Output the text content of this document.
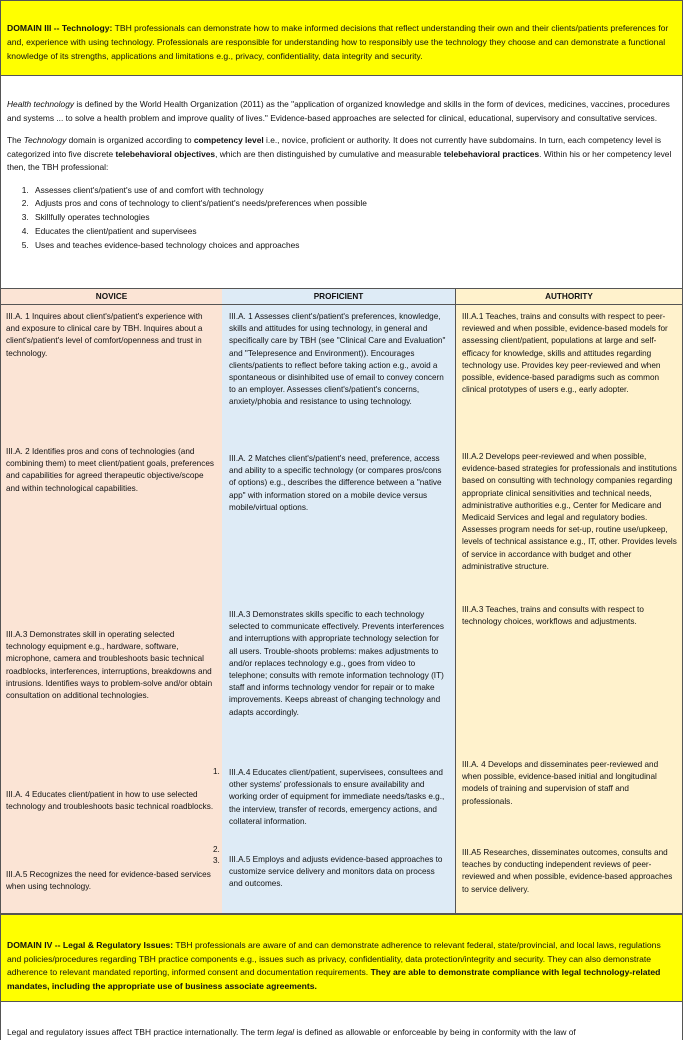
DOMAIN III -- Technology: TBH professionals can demonstrate how to make informed decisions that reflect understanding their own and their clients/patients preferences for and, experience with using technology. Professionals are responsible for understanding how to responsibly use the technology they choose and can demonstrate a functional knowledge of its strengths, applications and limitations e.g., privacy, confidentiality, data integrity and security.

Health technology is defined by the World Health Organization (2011) as the "application of organized knowledge and skills in the form of devices, medicines, vaccines, procedures and systems ... to solve a health problem and improve quality of lives." Evidence-based approaches are selected for clinical, educational, supervisory and consultative services.

The Technology domain is organized according to competency level i.e., novice, proficient or authority. It does not currently have subdomains. In turn, each competency level is categorized into five discrete telebehavioral objectives, which are then distinguished by cumulative and measurable telebehavioral practices. Within his or her competency level then, the TBH professional:

1. Assesses client's/patient's use of and comfort with technology
2. Adjusts pros and cons of technology to client's/patient's needs/preferences when possible
3. Skillfully operates technologies
4. Educates the client/patient and supervisees
5. Uses and teaches evidence-based technology choices and approaches
NOVICE
III.A. 1 Inquires about client's/patient's experience with and exposure to clinical care by TBH. Inquires about a client's/patient's level of comfort/openness and trust in technology.
III.A. 2 Identifies pros and cons of technologies (and combining them) to meet client/patient goals, preferences and capabilities for agreed therapeutic objective/scope and within technological capabilities.
III.A.3 Demonstrates skill in operating selected technology equipment e.g., hardware, software, microphone, camera and troubleshoots basic technical roadblocks, interferences, interruptions, breakdowns and intrusions. Identifies ways to problem-solve and/or obtain consultation on additional technologies.
III.A. 4 Educates client/patient in how to use selected technology and troubleshoots basic technical roadblocks.
III.A.5 Recognizes the need for evidence-based services when using technology.
1.
2.
3.
PROFICIENT
III.A. 1 Assesses client's/patient's preferences, knowledge, skills and attitudes for using technology, in general and specifically care by TBH (see "Clinical Care and Evaluation" and "Telepresence and Environment)). Encourages clients/patients to reflect before taking action e.g., avoid a spontaneous or disinhibited use of email to convey concern to an employer. Assesses client's/patient's concerns, anxiety/phobia and resistance to using technology.
III.A. 2 Matches client's/patient's need, preference, access and ability to a specific technology (or compares pros/cons of options) e.g., describes the difference between a "native app" with information stored on a mobile device versus mobile/virtual options.
III.A.3 Demonstrates skills specific to each technology selected to communicate effectively. Prevents interferences and interruptions with appropriate technology selection for all users. Trouble-shoots problems: makes adjustments to and/or replaces technology e.g., goes from video to telephone; consults with remote information technology (IT) staff and informs technology vendor for repair or to make improvements. Keeps abreast of changing technology and adapts accordingly.
III.A.4 Educates client/patient, supervisees, consultees and other systems' professionals to ensure availability and working order of equipment for immediate needs/tasks e.g., the interview, transfer of records, emergency actions, and collateral information.
III.A.5 Employs and adjusts evidence-based approaches to customize service delivery and monitors data on process and outcomes.
AUTHORITY
III.A.1 Teaches, trains and consults with respect to peer-reviewed and when possible, evidence-based models for assessing client/patient, populations at large and self-efficacy for knowledge, skills and attitudes regarding technology use. Provides key peer-reviewed and when possible, evidence-based paradigms such as common clinical prototypes of users e.g., early adopter.
III.A.2 Develops peer-reviewed and when possible, evidence-based strategies for professionals and institutions based on consulting with technology companies regarding appropriate clinical sensitivities and technical needs, administrative authorities e.g., Center for Medicare and Medicaid Services and legal and regulatory bodies. Assesses program needs for set-up, routine use/upkeep, levels of technical assistance e.g., IT, other. Provides levels of service in accordance with budget and other administrative structure.
III.A.3 Teaches, trains and consults with respect to technology choices, workflows and adjustments.
III.A. 4 Develops and disseminates peer-reviewed and when possible, evidence-based initial and longitudinal models of training and supervision of staff and professionals.
III.A5 Researches, disseminates outcomes, consults and teaches by conducting independent reviews of peer-reviewed and when possible, evidence-based approaches to service delivery.
DOMAIN IV -- Legal & Regulatory Issues: TBH professionals are aware of and can demonstrate adherence to relevant federal, state/provincial, and local laws, regulations and policies/procedures regarding TBH practice components e.g., issues such as privacy, confidentiality, data protection/integrity and security. They can also demonstrate adherence to relevant mandated reporting, informed consent and documentation requirements. They are able to demonstrate compliance with legal technology-related mandates, including the appropriate use of business associate agreements.
Legal and regulatory issues affect TBH practice internationally. The term legal is defined as allowable or enforceable by being in conformity with the law of
